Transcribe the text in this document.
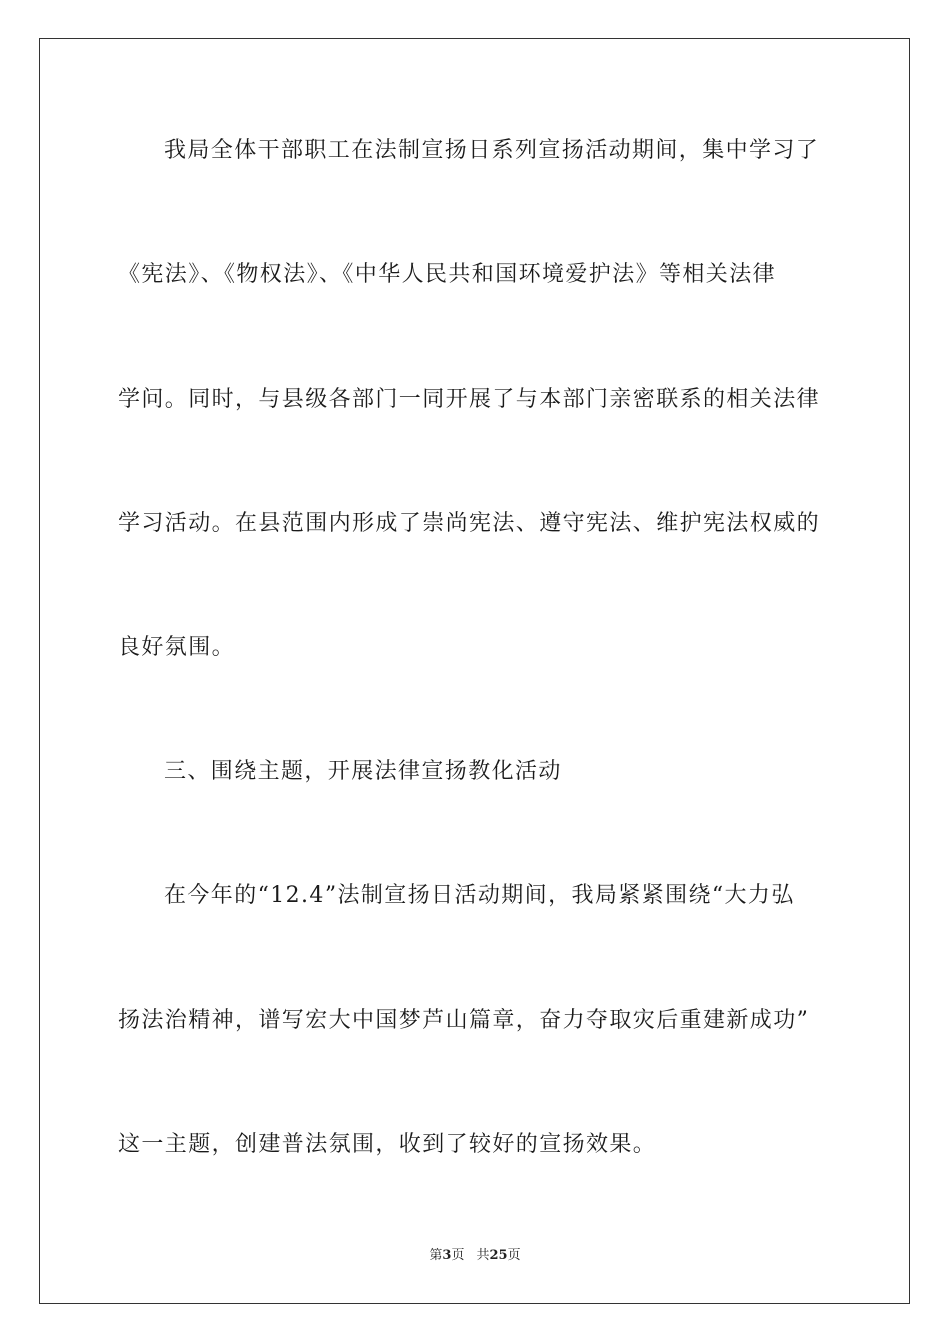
我局全体干部职工在法制宣扬日系列宣扬活动期间，集中学习了
《宪法》、《物权法》、《中华人民共和国环境爱护法》等相关法律
学问。同时，与县级各部门一同开展了与本部门亲密联系的相关法律
学习活动。在县范围内形成了崇尚宪法、遵守宪法、维护宪法权威的
良好氛围。
三、围绕主题，开展法律宣扬教化活动
在今年的“12.4”法制宣扬日活动期间，我局紧紧围绕“大力弘
扬法治精神，谱写宏大中国梦芦山篇章，奋力夺取灾后重建新成功”
这一主题，创建普法氛围，收到了较好的宣扬效果。
第3页 共25页
